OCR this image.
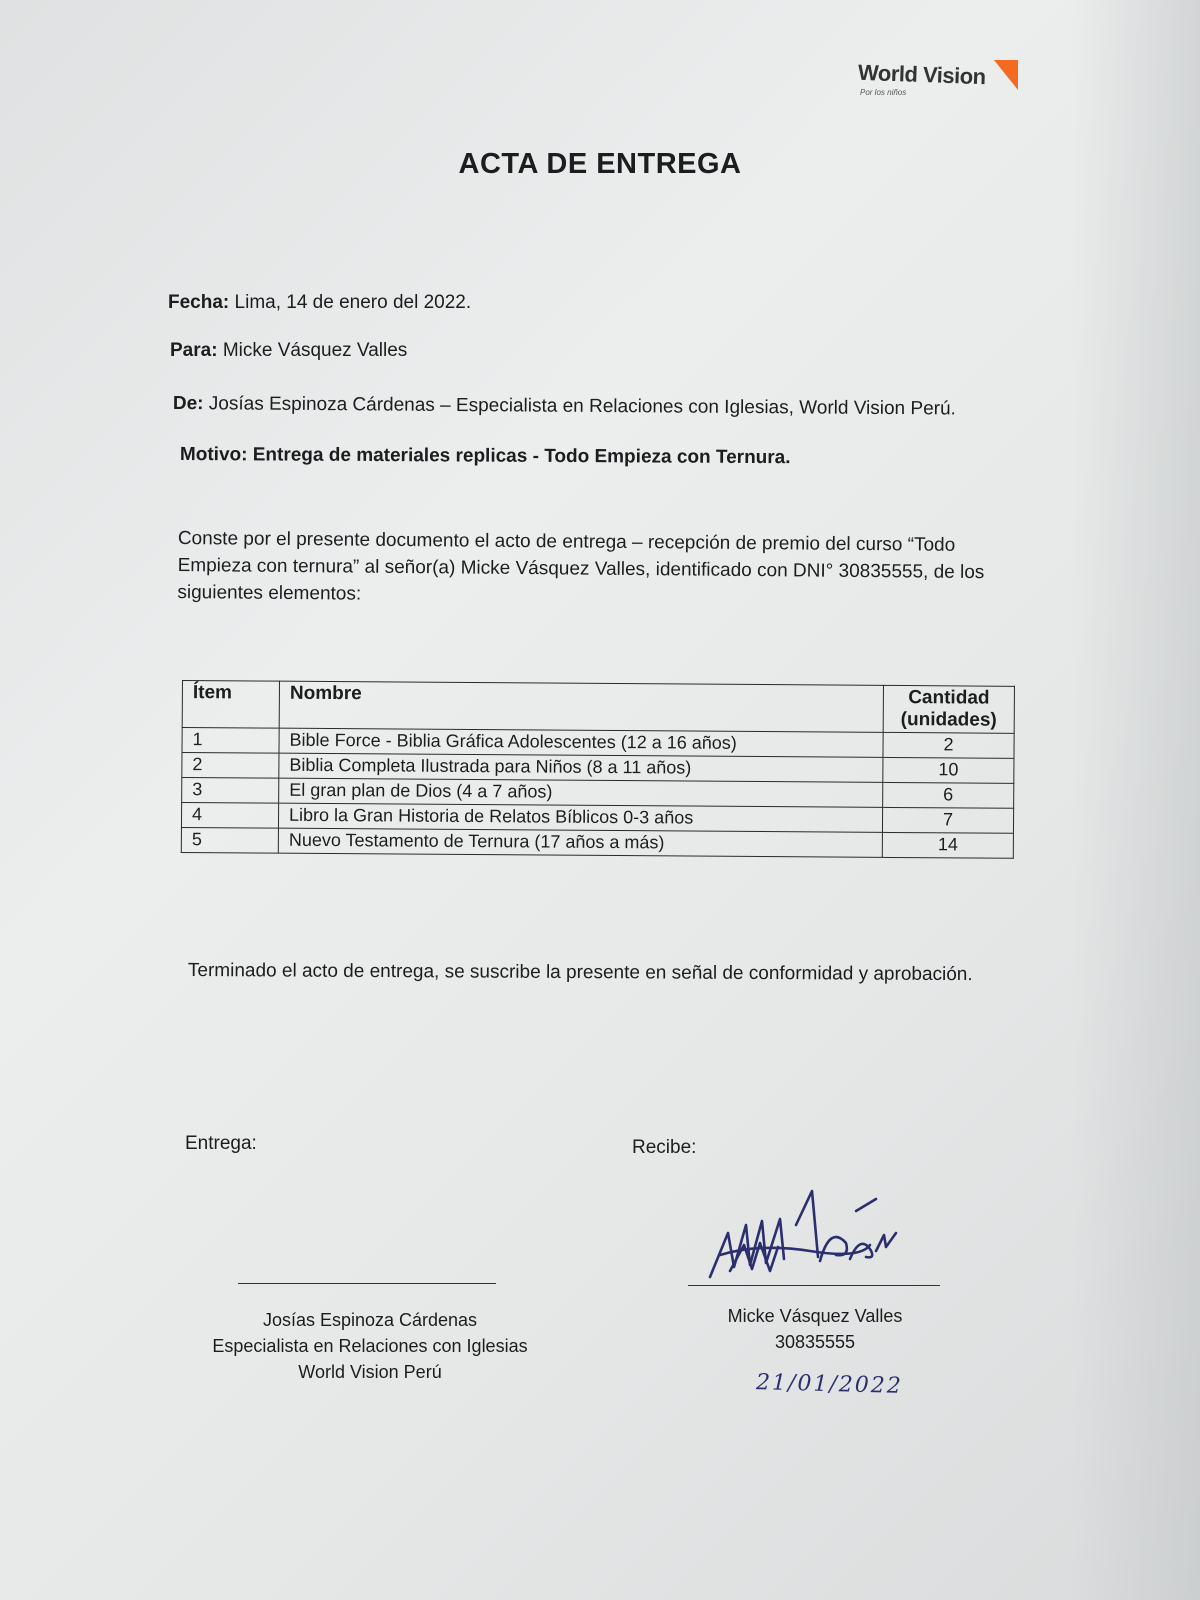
World Vision
Por los niños
ACTA DE ENTREGA
Fecha: Lima, 14 de enero del 2022.
Para: Micke Vásquez Valles
De: Josías Espinoza Cárdenas – Especialista en Relaciones con Iglesias, World Vision Perú.
Motivo: Entrega de materiales replicas - Todo Empieza con Ternura.
Conste por el presente documento el acto de entrega – recepción de premio del curso “Todo Empieza con ternura” al señor(a) Micke Vásquez Valles, identificado con DNI° 30835555, de los siguientes elementos:
Ítem	Nombre	Cantidad (unidades)
1	Bible Force - Biblia Gráfica Adolescentes (12 a 16 años)	2
2	Biblia Completa Ilustrada para Niños (8 a 11 años)	10
3	El gran plan de Dios (4 a 7 años)	6
4	Libro la Gran Historia de Relatos Bíblicos 0-3 años	7
5	Nuevo Testamento de Ternura (17 años a más)	14
Terminado el acto de entrega, se suscribe la presente en señal de conformidad y aprobación.
Entrega:	Recibe:
Josías Espinoza Cárdenas
Especialista en Relaciones con Iglesias
World Vision Perú
Micke Vásquez Valles
30835555
21/01/2022
